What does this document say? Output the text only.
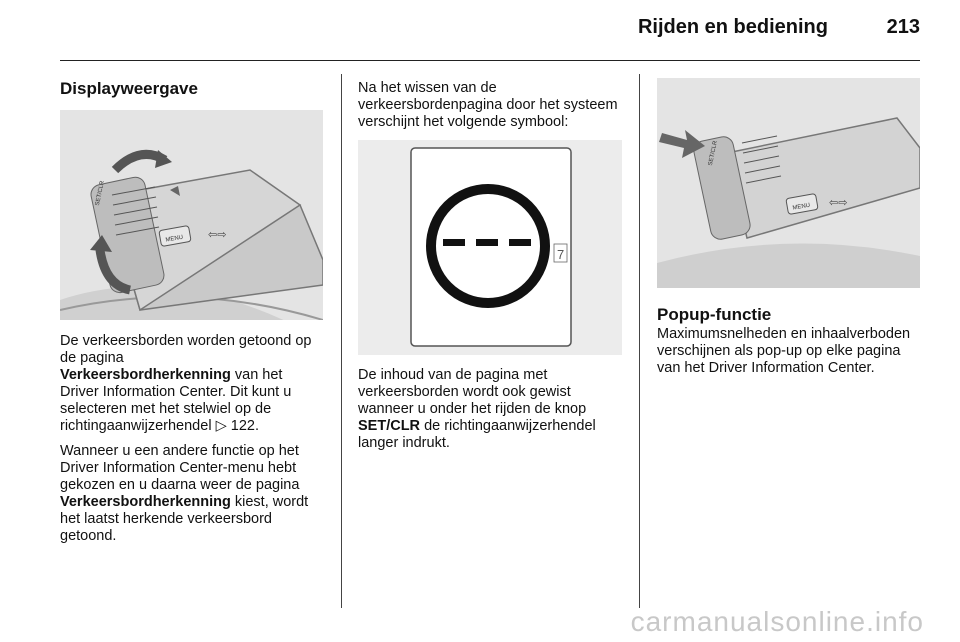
Rijden en bediening	213
Displayweergave
MENU
SET/CLR
⇦⇨

De verkeersborden worden getoond op de pagina
Verkeersbordherkenning van het Driver Information Center. Dit kunt u selecteren met het stelwiel op de richtingaanwijzerhendel ▷ 122.

Wanneer u een andere functie op het Driver Information Center-menu hebt gekozen en u daarna weer de pagina Verkeersbordherkenning kiest, wordt het laatst herkende verkeersbord getoond.

Na het wissen van de verkeersbordenpagina door het systeem verschijnt het volgende symbool:

7

De inhoud van de pagina met verkeersborden wordt ook gewist wanneer u onder het rijden de knop SET/CLR de richtingaanwijzerhendel langer indrukt.

MENU
SET/CLR
⇦⇨
Popup-functie

Maximumsnelheden en inhaalverboden verschijnen als pop-up op elke pagina van het Driver Information Center.

carmanualsonline.info
